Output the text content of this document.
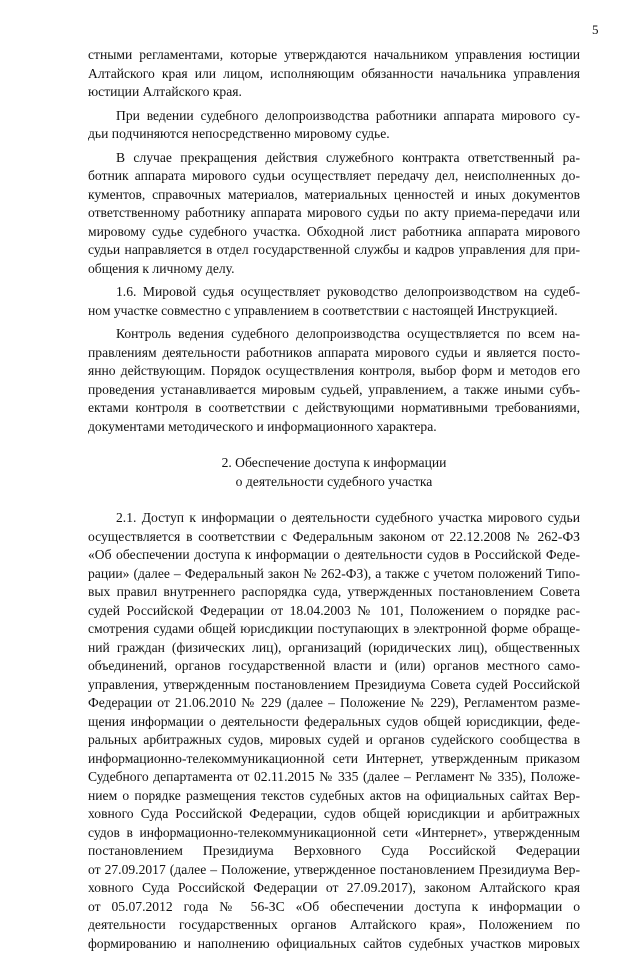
5
стными регламентами, которые утверждаются начальником управления юстиции
Алтайского края или лицом, исполняющим обязанности начальника управления
юстиции Алтайского края.
При ведении судебного делопроизводства работники аппарата мирового су-
дьи подчиняются непосредственно мировому судье.
В случае прекращения действия служебного контракта ответственный ра-
ботник аппарата мирового судьи осуществляет передачу дел, неисполненных до-
кументов, справочных материалов, материальных ценностей и иных документов
ответственному работнику аппарата мирового судьи по акту приема-передачи или
мировому судье судебного участка. Обходной лист работника аппарата мирового
судьи направляется в отдел государственной службы и кадров управления для при-
общения к личному делу.
1.6. Мировой судья осуществляет руководство делопроизводством на судеб-
ном участке совместно с управлением в соответствии с настоящей Инструкцией.
Контроль ведения судебного делопроизводства осуществляется по всем на-
правлениям деятельности работников аппарата мирового судьи и является посто-
янно действующим. Порядок осуществления контроля, выбор форм и методов его
проведения устанавливается мировым судьей, управлением, а также иными субъ-
ектами контроля в соответствии с действующими нормативными требованиями,
документами методического и информационного характера.
2. Обеспечение доступа к информации
о деятельности судебного участка
2.1. Доступ к информации о деятельности судебного участка мирового судьи
осуществляется в соответствии с Федеральным законом от 22.12.2008 № 262-ФЗ
«Об обеспечении доступа к информации о деятельности судов в Российской Феде-
рации» (далее – Федеральный закон № 262-ФЗ), а также с учетом положений Типо-
вых правил внутреннего распорядка суда, утвержденных постановлением Совета
судей Российской Федерации от 18.04.2003 № 101, Положением о порядке рас-
смотрения судами общей юрисдикции поступающих в электронной форме обраще-
ний граждан (физических лиц), организаций (юридических лиц), общественных
объединений, органов государственной власти и (или) органов местного само-
управления, утвержденным постановлением Президиума Совета судей Российской
Федерации от 21.06.2010 № 229 (далее – Положение № 229), Регламентом разме-
щения информации о деятельности федеральных судов общей юрисдикции, феде-
ральных арбитражных судов, мировых судей и органов судейского сообщества в
информационно-телекоммуникационной сети Интернет, утвержденным приказом
Судебного департамента от 02.11.2015 № 335 (далее – Регламент № 335), Положе-
нием о порядке размещения текстов судебных актов на официальных сайтах Вер-
ховного Суда Российской Федерации, судов общей юрисдикции и арбитражных
судов в информационно-телекоммуникационной сети «Интернет», утвержденным
постановлением Президиума Верховного Суда Российской Федерации
от 27.09.2017 (далее – Положение, утвержденное постановлением Президиума Вер-
ховного Суда Российской Федерации от 27.09.2017), законом Алтайского края
от 05.07.2012 года № 56-ЗС «Об обеспечении доступа к информации о
деятельности государственных органов Алтайского края», Положением по
формированию и наполнению официальных сайтов судебных участков мировых
